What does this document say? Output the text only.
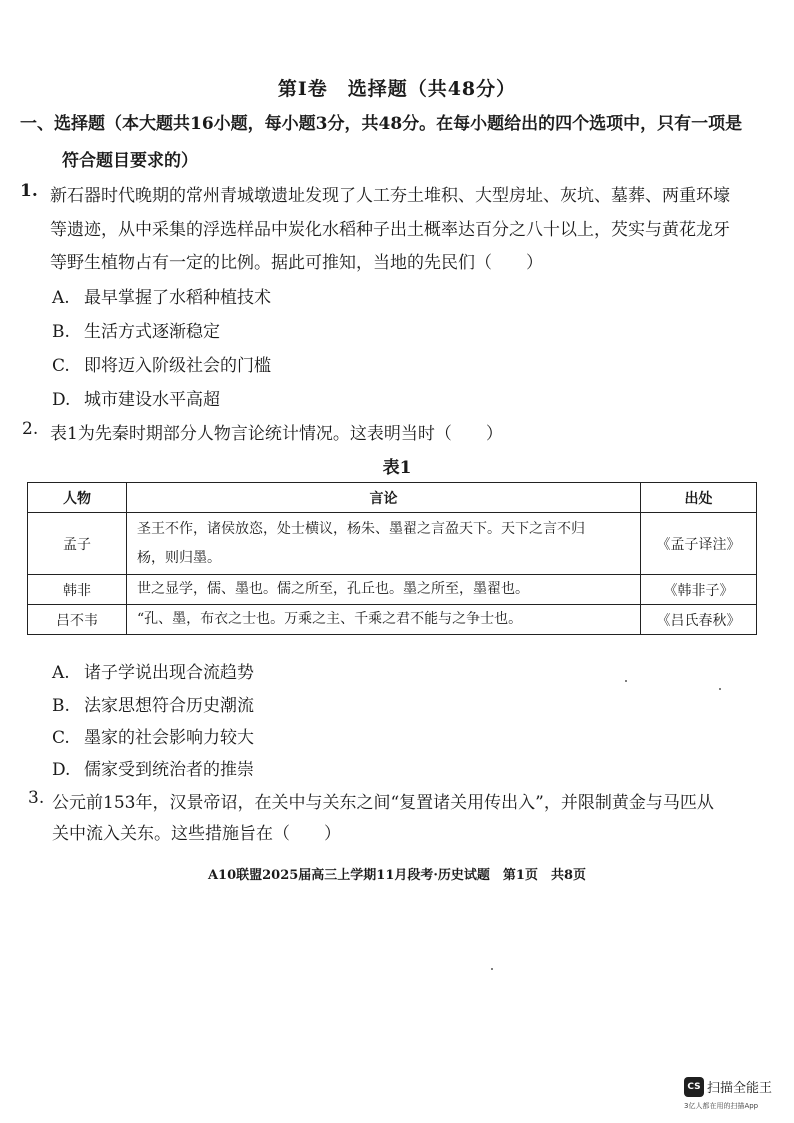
第Ⅰ卷　选择题（共48分）
一、选择题（本大题共16小题，每小题3分，共48分。在每小题给出的四个选项中，只有一项是
符合题目要求的）
1. 新石器时代晚期的常州青城墩遗址发现了人工夯土堆积、大型房址、灰坑、墓葬、两重环壕
等遗迹，从中采集的浮选样品中炭化水稻种子出土概率达百分之八十以上，芡实与黄花龙牙
等野生植物占有一定的比例。据此可推知，当地的先民们（　　）
A. 最早掌握了水稻种植技术
B. 生活方式逐渐稳定
C. 即将迈入阶级社会的门槛
D. 城市建设水平高超
2. 表1为先秦时期部分人物言论统计情况。这表明当时（　　）
表1
人物	言论	出处
孟子	圣王不作，诸侯放恣，处士横议，杨朱、墨翟之言盈天下。天下之言不归
杨，则归墨。	《孟子译注》
韩非	世之显学，儒、墨也。儒之所至，孔丘也。墨之所至，墨翟也。	《韩非子》
吕不韦	“孔、墨，布衣之士也。万乘之主、千乘之君不能与之争士也。	《吕氏春秋》
A. 诸子学说出现合流趋势
B. 法家思想符合历史潮流
C. 墨家的社会影响力较大
D. 儒家受到统治者的推崇
3. 公元前153年，汉景帝诏，在关中与关东之间“复置诸关用传出入”，并限制黄金与马匹从
关中流入关东。这些措施旨在（　　）
A10联盟2025届高三上学期11月段考·历史试题　第1页　共8页
CS 扫描全能王
3亿人都在用的扫描App
